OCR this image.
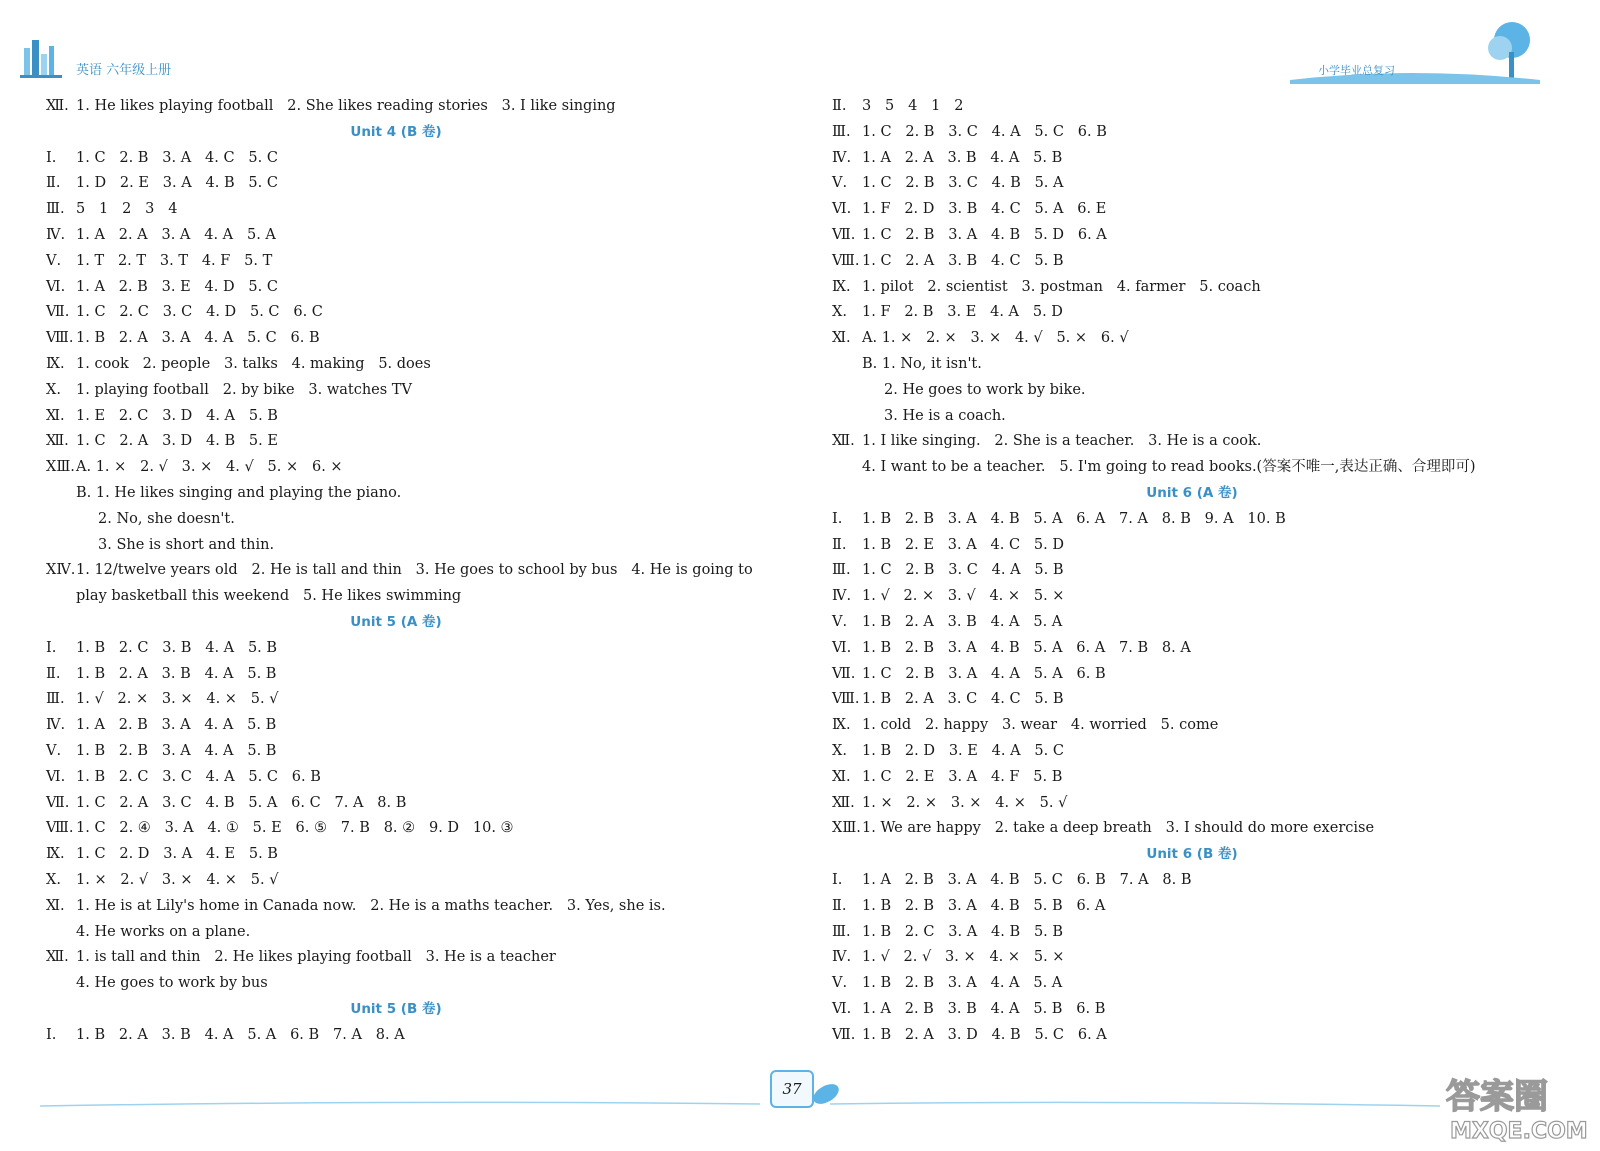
英语 六年级上册	小学毕业总复习
Ⅻ. 1. He likes playing football   2. She likes reading stories   3. I like singing
Unit 4 (B 卷)
Ⅰ. 1. C   2. B   3. A   4. C   5. C
Ⅱ. 1. D   2. E   3. A   4. B   5. C
Ⅲ. 5   1   2   3   4
Ⅳ. 1. A   2. A   3. A   4. A   5. A
Ⅴ. 1. T   2. T   3. T   4. F   5. T
Ⅵ. 1. A   2. B   3. E   4. D   5. C
Ⅶ. 1. C   2. C   3. C   4. D   5. C   6. C
Ⅷ. 1. B   2. A   3. A   4. A   5. C   6. B
Ⅸ. 1. cook   2. people   3. talks   4. making   5. does
Ⅹ. 1. playing football   2. by bike   3. watches TV
Ⅺ. 1. E   2. C   3. D   4. A   5. B
Ⅻ. 1. C   2. A   3. D   4. B   5. E
ⅩⅢ.A. 1. ×   2. √   3. ×   4. √   5. ×   6. ×
B. 1. He likes singing and playing the piano.
2. No, she doesn't.
3. She is short and thin.
ⅩⅣ.1. 12/twelve years old   2. He is tall and thin   3. He goes to school by bus   4. He is going to
play basketball this weekend   5. He likes swimming
Unit 5 (A 卷)
Ⅰ. 1. B   2. C   3. B   4. A   5. B
Ⅱ. 1. B   2. A   3. B   4. A   5. B
Ⅲ. 1. √   2. ×   3. ×   4. ×   5. √
Ⅳ. 1. A   2. B   3. A   4. A   5. B
Ⅴ. 1. B   2. B   3. A   4. A   5. B
Ⅵ. 1. B   2. C   3. C   4. A   5. C   6. B
Ⅶ. 1. C   2. A   3. C   4. B   5. A   6. C   7. A   8. B
Ⅷ. 1. C   2. ④   3. A   4. ①   5. E   6. ⑤   7. B   8. ②   9. D   10. ③
Ⅸ. 1. C   2. D   3. A   4. E   5. B
Ⅹ. 1. ×   2. √   3. ×   4. ×   5. √
Ⅺ. 1. He is at Lily's home in Canada now.   2. He is a maths teacher.   3. Yes, she is.
4. He works on a plane.
Ⅻ. 1. is tall and thin   2. He likes playing football   3. He is a teacher
4. He goes to work by bus
Unit 5 (B 卷)
Ⅰ. 1. B   2. A   3. B   4. A   5. A   6. B   7. A   8. A
Ⅱ. 3   5   4   1   2
Ⅲ. 1. C   2. B   3. C   4. A   5. C   6. B
Ⅳ. 1. A   2. A   3. B   4. A   5. B
Ⅴ. 1. C   2. B   3. C   4. B   5. A
Ⅵ. 1. F   2. D   3. B   4. C   5. A   6. E
Ⅶ. 1. C   2. B   3. A   4. B   5. D   6. A
Ⅷ. 1. C   2. A   3. B   4. C   5. B
Ⅸ. 1. pilot   2. scientist   3. postman   4. farmer   5. coach
Ⅹ. 1. F   2. B   3. E   4. A   5. D
Ⅺ. A. 1. ×   2. ×   3. ×   4. √   5. ×   6. √
B. 1. No, it isn't.
2. He goes to work by bike.
3. He is a coach.
Ⅻ. 1. I like singing.   2. She is a teacher.   3. He is a cook.
4. I want to be a teacher.   5. I'm going to read books.(答案不唯一,表达正确、合理即可)
Unit 6 (A 卷)
Ⅰ. 1. B   2. B   3. A   4. B   5. A   6. A   7. A   8. B   9. A   10. B
Ⅱ. 1. B   2. E   3. A   4. C   5. D
Ⅲ. 1. C   2. B   3. C   4. A   5. B
Ⅳ. 1. √   2. ×   3. √   4. ×   5. ×
Ⅴ. 1. B   2. A   3. B   4. A   5. A
Ⅵ. 1. B   2. B   3. A   4. B   5. A   6. A   7. B   8. A
Ⅶ. 1. C   2. B   3. A   4. A   5. A   6. B
Ⅷ. 1. B   2. A   3. C   4. C   5. B
Ⅸ. 1. cold   2. happy   3. wear   4. worried   5. come
Ⅹ. 1. B   2. D   3. E   4. A   5. C
Ⅺ. 1. C   2. E   3. A   4. F   5. B
Ⅻ. 1. ×   2. ×   3. ×   4. ×   5. √
ⅩⅢ.1. We are happy   2. take a deep breath   3. I should do more exercise
Unit 6 (B 卷)
Ⅰ. 1. A   2. B   3. A   4. B   5. C   6. B   7. A   8. B
Ⅱ. 1. B   2. B   3. A   4. B   5. B   6. A
Ⅲ. 1. B   2. C   3. A   4. B   5. B
Ⅳ. 1. √   2. √   3. ×   4. ×   5. ×
Ⅴ. 1. B   2. B   3. A   4. A   5. A
Ⅵ. 1. A   2. B   3. B   4. A   5. B   6. B
Ⅶ. 1. B   2. A   3. D   4. B   5. C   6. A
37	答案圈
MXQE.COM
